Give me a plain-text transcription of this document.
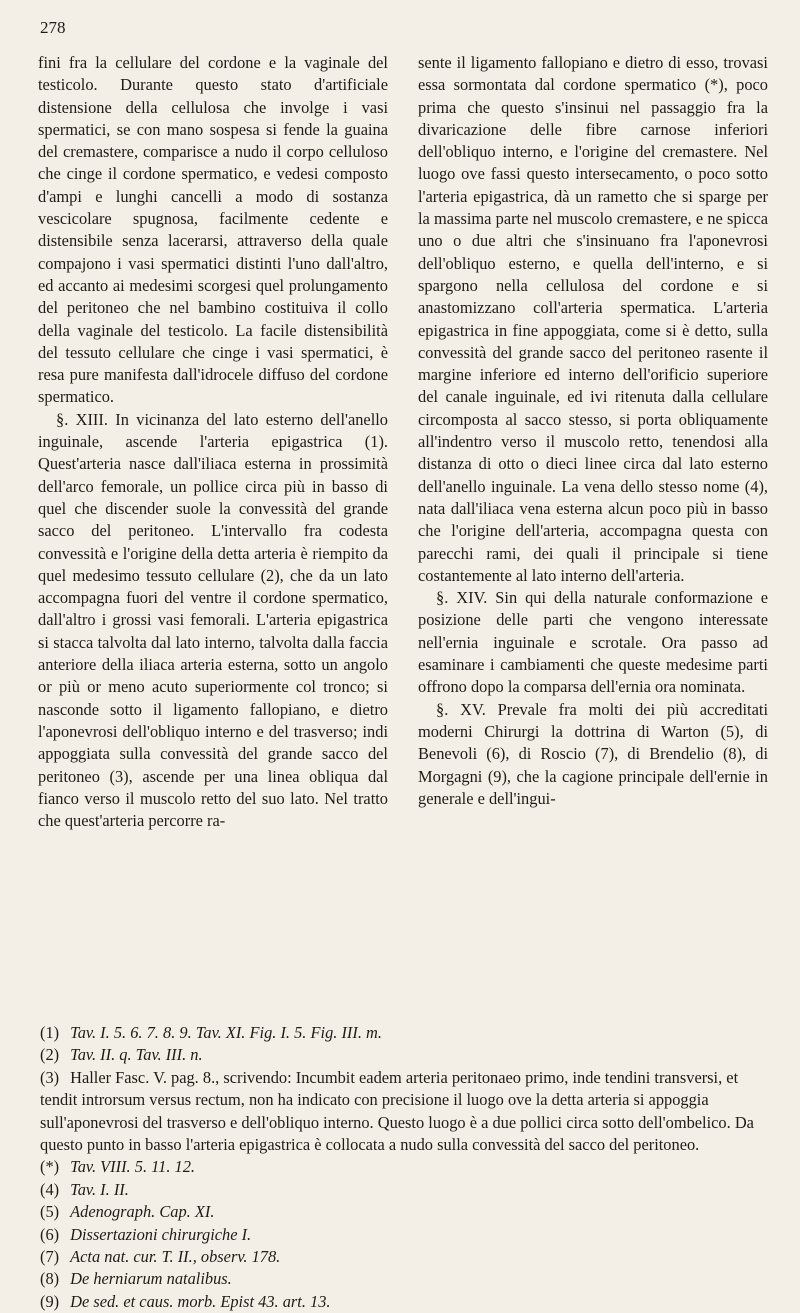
278

fini fra la cellulare del cordone e la vaginale del testicolo. Durante questo stato d'artificiale distensione della cellulosa che involge i vasi spermatici, se con mano sospesa si fende la guaina del cremastere, comparisce a nudo il corpo celluloso che cinge il cordone spermatico, e vedesi composto d'ampi e lunghi cancelli a modo di sostanza vescicolare spugnosa, facilmente cedente e distensibile senza lacerarsi, attraverso della quale compajono i vasi spermatici distinti l'uno dall'altro, ed accanto ai medesimi scorgesi quel prolungamento del peritoneo che nel bambino costituiva il collo della vaginale del testicolo. La facile distensibilità del tessuto cellulare che cinge i vasi spermatici, è resa pure manifesta dall'idrocele diffuso del cordone spermatico.

§. XIII. In vicinanza del lato esterno dell'anello inguinale, ascende l'arteria epigastrica (1). Quest'arteria nasce dall'iliaca esterna in prossimità dell'arco femorale, un pollice circa più in basso di quel che discender suole la convessità del grande sacco del peritoneo. L'intervallo fra codesta convessità e l'origine della detta arteria è riempito da quel medesimo tessuto cellulare (2), che da un lato accompagna fuori del ventre il cordone spermatico, dall'altro i grossi vasi femorali. L'arteria epigastrica si stacca talvolta dal lato interno, talvolta dalla faccia anteriore della iliaca arteria esterna, sotto un angolo or più or meno acuto superiormente col tronco; si nasconde sotto il ligamento fallopiano, e dietro l'aponevrosi dell'obliquo interno e del trasverso; indi appoggiata sulla convessità del grande sacco del peritoneo (3), ascende per una linea obliqua dal fianco verso il muscolo retto del suo lato. Nel tratto che quest'arteria percorre ra-

sente il ligamento fallopiano e dietro di esso, trovasi essa sormontata dal cordone spermatico (*), poco prima che questo s'insinui nel passaggio fra la divaricazione delle fibre carnose inferiori dell'obliquo interno, e l'origine del cremastere. Nel luogo ove fassi questo intersecamento, o poco sotto l'arteria epigastrica, dà un rametto che si sparge per la massima parte nel muscolo cremastere, e ne spicca uno o due altri che s'insinuano fra l'aponevrosi dell'obliquo esterno, e quella dell'interno, e si spargono nella cellulosa del cordone e si anastomizzano coll'arteria spermatica. L'arteria epigastrica in fine appoggiata, come si è detto, sulla convessità del grande sacco del peritoneo rasente il margine inferiore ed interno dell'orificio superiore del canale inguinale, ed ivi ritenuta dalla cellulare circomposta al sacco stesso, si porta obliquamente all'indentro verso il muscolo retto, tenendosi alla distanza di otto o dieci linee circa dal lato esterno dell'anello inguinale. La vena dello stesso nome (4), nata dall'iliaca vena esterna alcun poco più in basso che l'origine dell'arteria, accompagna questa con parecchi rami, dei quali il principale si tiene costantemente al lato interno dell'arteria.

§. XIV. Sin qui della naturale conformazione e posizione delle parti che vengono interessate nell'ernia inguinale e scrotale. Ora passo ad esaminare i cambiamenti che queste medesime parti offrono dopo la comparsa dell'ernia ora nominata.

§. XV. Prevale fra molti dei più accreditati moderni Chirurgi la dottrina di Warton (5), di Benevoli (6), di Roscio (7), di Brendelio (8), di Morgagni (9), che la cagione principale dell'ernie in generale e dell'ingui-

(1) Tav. I. 5. 6. 7. 8. 9. Tav. XI. Fig. I. 5. Fig. III. m.

(2) Tav. II. q. Tav. III. n.

(3) Haller Fasc. V. pag. 8., scrivendo: Incumbit eadem arteria peritonaeo primo, inde tendini transversi, et tendit introrsum versus rectum, non ha indicato con precisione il luogo ove la detta arteria si appoggia sull'aponevrosi del trasverso e dell'obliquo interno. Questo luogo è a due pollici circa sotto dell'ombelico. Da questo punto in basso l'arteria epigastrica è collocata a nudo sulla convessità del sacco del peritoneo.

(*) Tav. VIII. 5. 11. 12.

(4) Tav. I. II.

(5) Adenograph. Cap. XI.

(6) Dissertazioni chirurgiche I.

(7) Acta nat. cur. T. II., observ. 178.

(8) De herniarum natalibus.

(9) De sed. et caus. morb. Epist 43. art. 13.
